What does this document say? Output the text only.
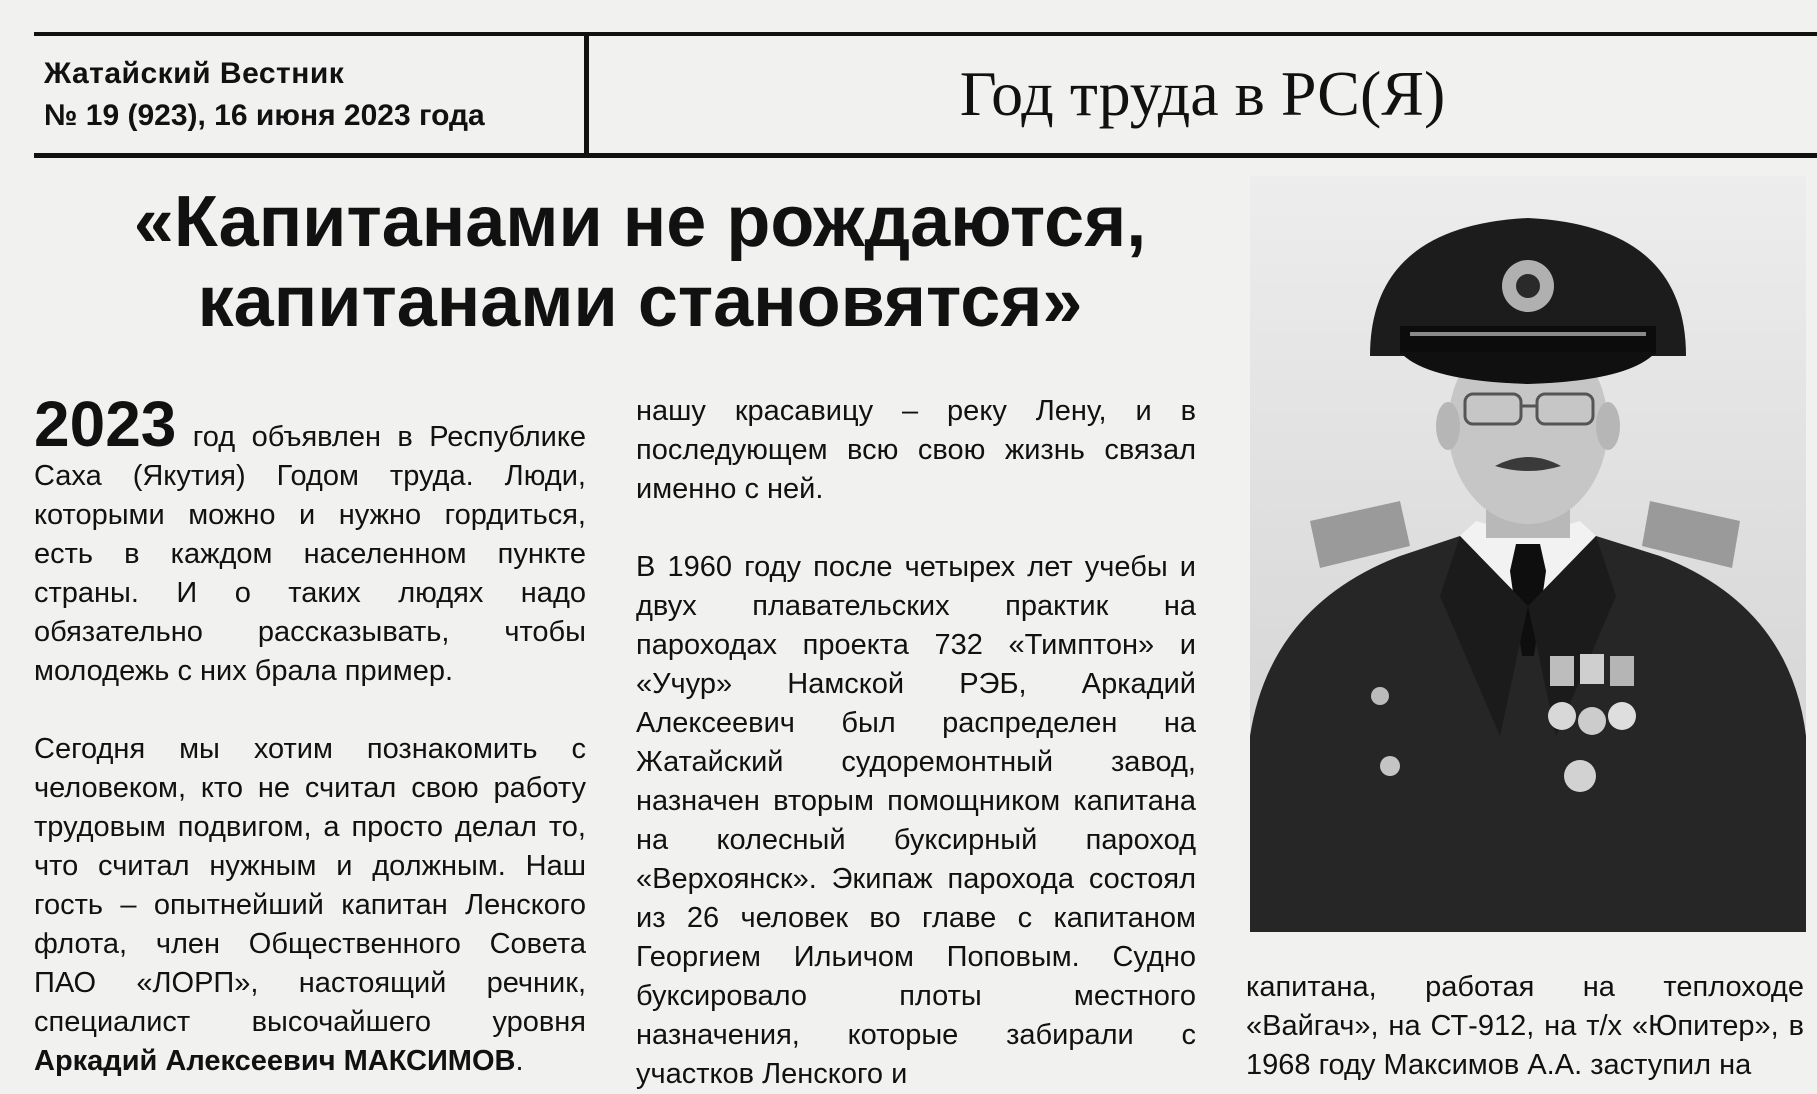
Жатайский Вестник
№ 19 (923), 16 июня 2023 года	Год труда в РС(Я)
«Капитанами не рождаются,
капитанами становятся»

2023 год объявлен в Республике Саха (Якутия) Годом труда. Люди, которыми можно и нужно гордиться, есть в каждом населенном пункте страны. И о таких людях надо обязательно рассказывать, чтобы молодежь с них брала пример.

Сегодня мы хотим познакомить с человеком, кто не считал свою работу трудовым подвигом, а просто делал то, что считал нужным и должным. Наш гость – опытнейший капитан Ленского флота, член Общественного Совета ПАО «ЛОРП», настоящий речник, специалист высочайшего уровня Аркадий Алексеевич МАКСИМОВ.

нашу красавицу – реку Лену, и в последующем всю свою жизнь связал именно с ней.

В 1960 году после четырех лет учебы и двух плавательских практик на пароходах проекта 732 «Тимптон» и «Учур» Намской РЭБ, Аркадий Алексеевич был распределен на Жатайский судоремонтный завод, назначен вторым помощником капитана на колесный буксирный пароход «Верхоянск». Экипаж парохода состоял из 26 человек во главе с капитаном Георгием Ильичом Поповым. Судно буксировало плоты местного назначения, которые забирали с участков Ленского и

капитана, работая на теплоходе «Вайгач», на СТ-912, на т/х «Юпитер», в 1968 году Максимов А.А. заступил на
